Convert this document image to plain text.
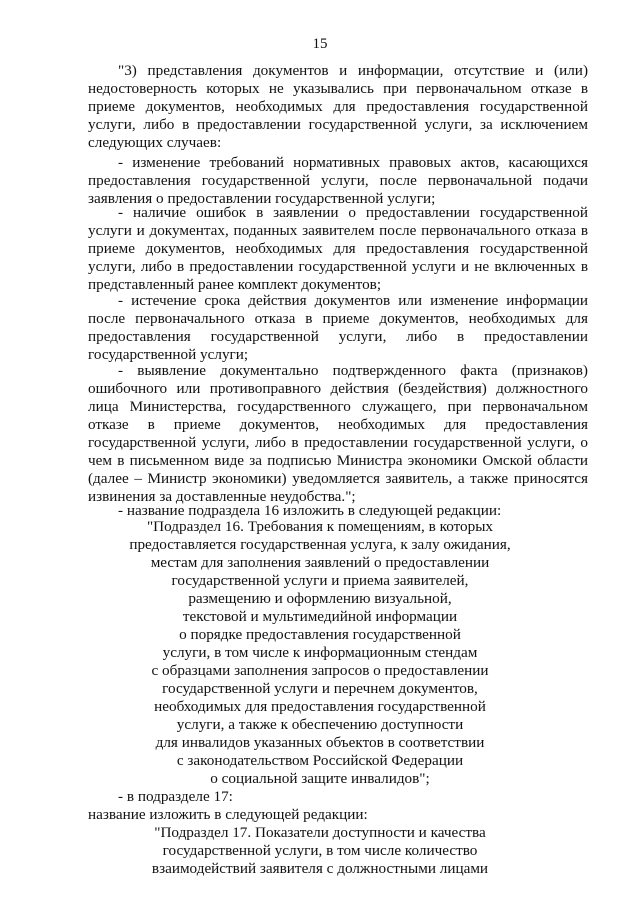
15

"3) представления документов и информации, отсутствие и (или)

недостоверность которых не указывались при первоначальном отказе в

приеме документов, необходимых для предоставления государственной

услуги, либо в предоставлении государственной услуги, за исключением

следующих случаев:

- изменение требований нормативных правовых актов, касающихся

предоставления государственной услуги, после первоначальной подачи

заявления о предоставлении государственной услуги;

- наличие ошибок в заявлении о предоставлении государственной

услуги и документах, поданных заявителем после первоначального отказа в

приеме документов, необходимых для предоставления государственной

услуги, либо в предоставлении государственной услуги и не включенных в

представленный ранее комплект документов;

- истечение срока действия документов или изменение информации

после первоначального отказа в приеме документов, необходимых для

предоставления государственной услуги, либо в предоставлении

государственной услуги;

- выявление документально подтвержденного факта (признаков)

ошибочного или противоправного действия (бездействия) должностного

лица Министерства, государственного служащего, при первоначальном

отказе в приеме документов, необходимых для предоставления

государственной услуги, либо в предоставлении государственной услуги, о

чем в письменном виде за подписью Министра экономики Омской области

(далее – Министр экономики) уведомляется заявитель, а также приносятся

извинения за доставленные неудобства.";

- название подраздела 16 изложить в следующей редакции:

"Подраздел 16. Требования к помещениям, в которых

предоставляется государственная услуга, к залу ожидания,

местам для заполнения заявлений о предоставлении

государственной услуги и приема заявителей,

размещению и оформлению визуальной,

текстовой и мультимедийной информации

о порядке предоставления государственной

услуги, в том числе к информационным стендам

с образцами заполнения запросов о предоставлении

государственной услуги и перечнем документов,

необходимых для предоставления государственной

услуги, а также к обеспечению доступности

для инвалидов указанных объектов в соответствии

с законодательством Российской Федерации

о социальной защите инвалидов";

- в подразделе 17:

название изложить в следующей редакции:

"Подраздел 17. Показатели доступности и качества

государственной услуги, в том числе количество

взаимодействий заявителя с должностными лицами
